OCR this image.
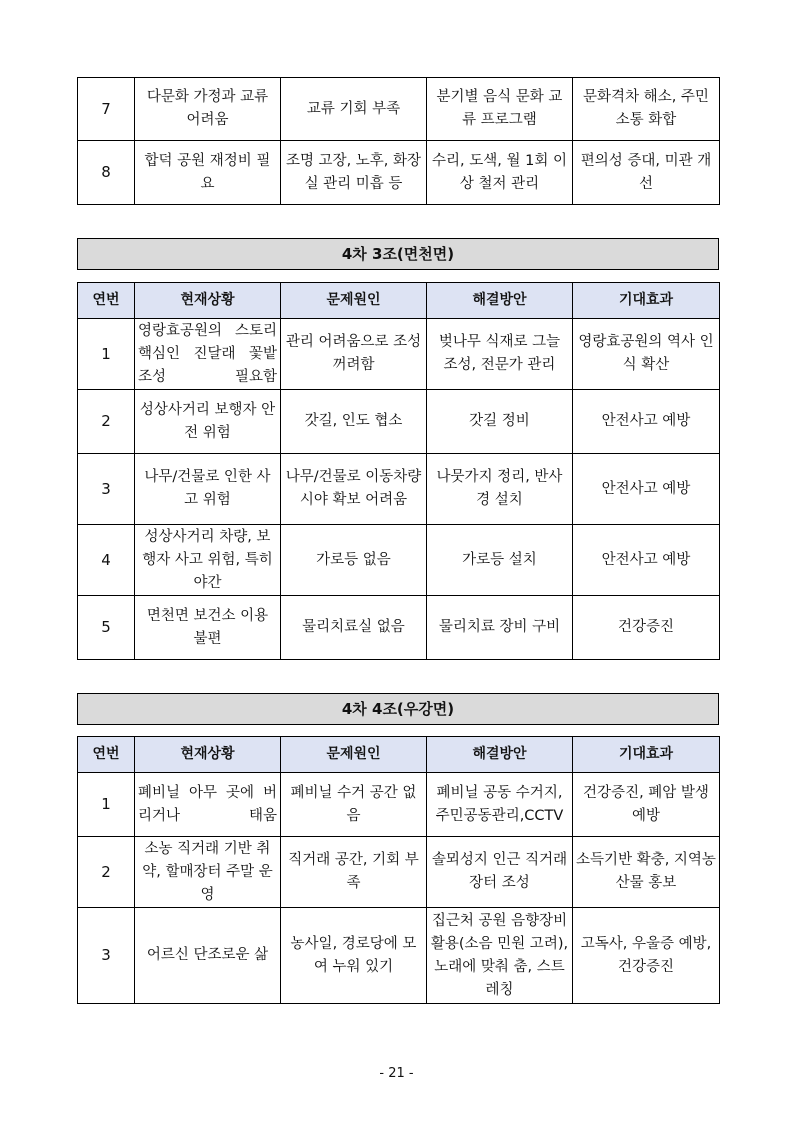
7	다문화 가정과 교류 어려움	교류 기회 부족	분기별 음식 문화 교류 프로그램	문화격차 해소, 주민 소통 화합
8	합덕 공원 재정비 필요	조명 고장, 노후, 화장실 관리 미흡 등	수리, 도색, 월 1회 이상 철저 관리	편의성 증대, 미관 개선
4차 3조(면천면)
연번	현재상황	문제원인	해결방안	기대효과
1	영랑효공원의 스토리 핵심인 진달래 꽃밭 조성 필요함	관리 어려움으로 조성 꺼려함	벚나무 식재로 그늘 조성, 전문가 관리	영랑효공원의 역사 인식 확산
2	성상사거리 보행자 안전 위험	갓길, 인도 협소	갓길 정비	안전사고 예방
3	나무/건물로 인한 사고 위험	나무/건물로 이동차량 시야 확보 어려움	나뭇가지 정리, 반사경 설치	안전사고 예방
4	성상사거리 차량, 보행자 사고 위험, 특히 야간	가로등 없음	가로등 설치	안전사고 예방
5	면천면 보건소 이용 불편	물리치료실 없음	물리치료 장비 구비	건강증진
4차 4조(우강면)
연번	현재상황	문제원인	해결방안	기대효과
1	폐비닐 아무 곳에 버리거나 태움	폐비닐 수거 공간 없음	폐비닐 공동 수거지, 주민공동관리,CCTV	건강증진, 폐암 발생 예방
2	소농 직거래 기반 취약, 할매장터 주말 운영	직거래 공간, 기회 부족	솔뫼성지 인근 직거래장터 조성	소득기반 확충, 지역농산물 홍보
3	어르신 단조로운 삶	농사일, 경로당에 모여 누워 있기	집근처 공원 음향장비 활용(소음 민원 고려), 노래에 맞춰 춤, 스트레칭	고독사, 우울증 예방, 건강증진
- 21 -
